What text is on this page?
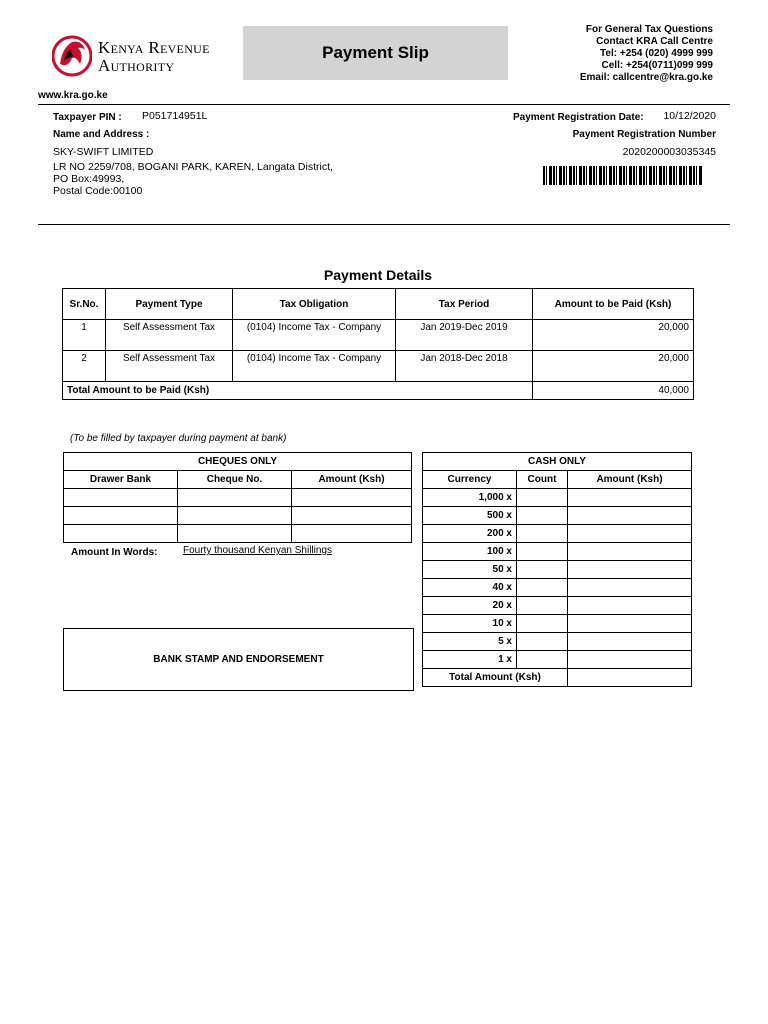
Kenya Revenue
Authority
Payment Slip
For General Tax Questions
Contact KRA Call Centre
Tel: +254 (020) 4999 999
Cell: +254(0711)099 999
Email: callcentre@kra.go.ke
www.kra.go.ke
Taxpayer PIN : P051714951L
Name and Address :
SKY-SWIFT LIMITED
LR NO 2259/708, BOGANI PARK, KAREN, Langata District,
PO Box:49993,
Postal Code:00100
Payment Registration Date: 10/12/2020
Payment Registration Number
2020200003035345
Payment Details
Sr.No.	Payment Type	Tax Obligation	Tax Period	Amount to be Paid (Ksh)
1	Self Assessment Tax	(0104) Income Tax - Company	Jan 2019-Dec 2019	20,000
2	Self Assessment Tax	(0104) Income Tax - Company	Jan 2018-Dec 2018	20,000
Total Amount to be Paid (Ksh)				40,000
(To be filled by taxpayer during payment at bank)
CHEQUES ONLY		
Drawer Bank	Cheque No.	Amount (Ksh)

Amount In Words:	Fourty thousand Kenyan Shillings
BANK STAMP AND ENDORSEMENT
CASH ONLY		
Currency	Count	Amount (Ksh)
1,000 x		
500 x		
200 x		
100 x		
50 x		
40 x		
20 x		
10 x		
5 x		
1 x		
Total Amount (Ksh)		
